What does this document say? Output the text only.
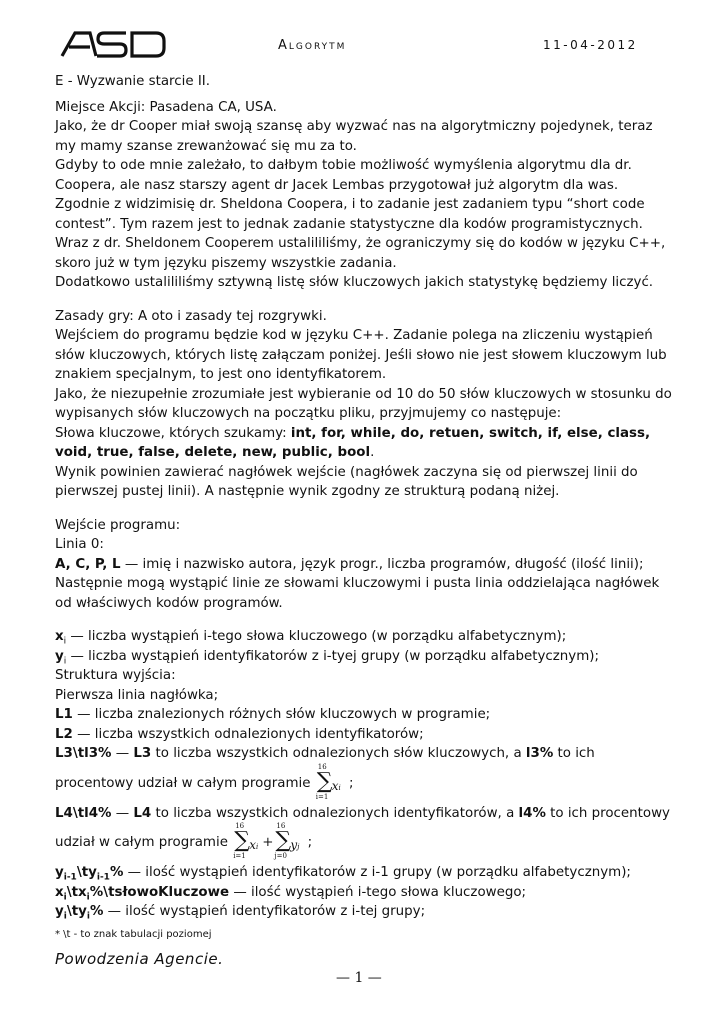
Algorytm	11-04-2012

E - Wyzwanie starcie II.

Miejsce Akcji: Pasadena CA, USA.

Jako, że dr Cooper miał swoją szansę aby wyzwać nas na algorytmiczny pojedynek, teraz my mamy szanse zrewanżować się mu za to.

Gdyby to ode mnie zależało, to dałbym tobie możliwość wymyślenia algorytmu dla dr. Coopera, ale nasz starszy agent dr Jacek Lembas przygotował już algorytm dla was.

Zgodnie z widzimisię dr. Sheldona Coopera, i to zadanie jest zadaniem typu “short code contest”. Tym razem jest to jednak zadanie statystyczne dla kodów programistycznych.

Wraz z dr. Sheldonem Cooperem ustalililiśmy, że ograniczymy się do kodów w języku C++, skoro już w tym języku piszemy wszystkie zadania.

Dodatkowo ustalililiśmy sztywną listę słów kluczowych jakich statystykę będziemy liczyć.

Zasady gry: A oto i zasady tej rozgrywki.

Wejściem do programu będzie kod w języku C++. Zadanie polega na zliczeniu wystąpień słów kluczowych, których listę załączam poniżej. Jeśli słowo nie jest słowem kluczowym lub znakiem specjalnym, to jest ono identyfikatorem.

Jako, że niezupełnie zrozumiałe jest wybieranie od 10 do 50 słów kluczowych w stosunku do wypisanych słów kluczowych na początku pliku, przyjmujemy co następuje:

Słowa kluczowe, których szukamy: int, for, while, do, retuen, switch, if, else, class, void, true, false, delete, new, public, bool.

Wynik powinien zawierać nagłówek wejście (nagłówek zaczyna się od pierwszej linii do pierwszej pustej linii). A następnie wynik zgodny ze strukturą podaną niżej.

Wejście programu:

Linia 0:

A, C, P, L — imię i nazwisko autora, język progr., liczba programów, długość (ilość linii);

Następnie mogą wystąpić linie ze słowami kluczowymi i pusta linia oddzielająca nagłówek od właściwych kodów programów.

$x_i$ — liczba wystąpień i-tego słowa kluczowego (w porządku alfabetycznym);

$y_i$ — liczba wystąpień identyfikatorów z i-tyej grupy (w porządku alfabetycznym);

Struktura wyjścia:

Pierwsza linia nagłówka;

L1 — liczba znalezionych różnych słów kluczowych w programie;

L2 — liczba wszystkich odnalezionych identyfikatorów;

L3\tl3% — L3 to liczba wszystkich odnalezionych słów kluczowych, a l3% to ich

procentowy udział w całym programie
16
∑
i=1
xi ;

L4\tl4% — L4 to liczba wszystkich odnalezionych identyfikatorów, a l4% to ich procentowy

udział w całym programie
16
∑
i=1
xi +
16
∑
j=0
yj ;

$y_{i-1}\backslash ty_{i-1}\%$ — ilość wystąpień identyfikatorów z i-1 grupy (w porządku alfabetycznym);

$x_i\backslash tx_i\%\backslash tsłowoKluczowe$ — ilość wystąpień i-tego słowa kluczowego;

$y_i\backslash ty_i\%$ — ilość wystąpień identyfikatorów z i-tej grupy;

* \t - to znak tabulacji poziomej
Powodzenia Agencie.
— 1 —
